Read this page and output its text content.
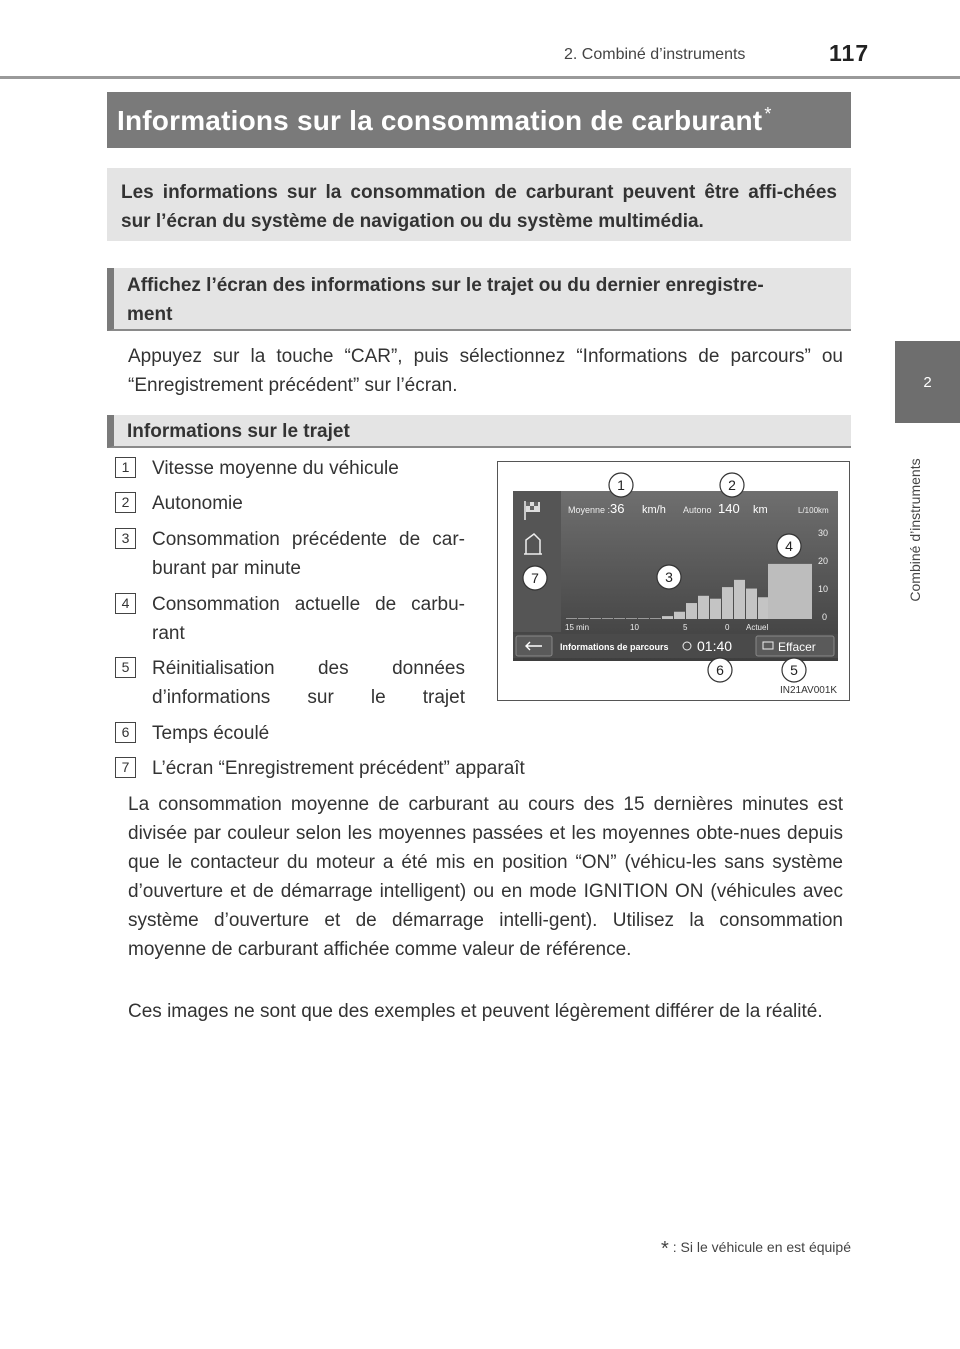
2. Combiné d’instruments	117
2
Combiné d’instruments
Informations sur la consommation de carburant *

Les informations sur la consommation de carburant peuvent être affi-chées sur l’écran du système de navigation ou du système multimédia.

Affichez l’écran des informations sur le trajet ou du dernier enregistre-
ment

Appuyez sur la touche “CAR”, puis sélectionnez “Informations de parcours” ou “Enregistrement précédent” sur l’écran.

Informations sur le trajet

1	Vitesse moyenne du véhicule

2	Autonomie

3	Consommation précédente de car-burant par minute

4	Consommation actuelle de carbu-rant

5	Réinitialisation des données d’informations sur le trajet

6	Temps écoulé

7	L’écran “Enregistrement précédent” apparaît

Moyenne : 36 km/h Autono 140 km	L/100km
30
20
10
0
15 min	10	5	0 Actuel
Informations de parcours 01:40	Effacer
1	2
3
4
5
6
7
IN21AV001K

La consommation moyenne de carburant au cours des 15 dernières minutes est divisée par couleur selon les moyennes passées et les moyennes obte-nues depuis que le contacteur du moteur a été mis en position “ON” (véhicu-les sans système d’ouverture et de démarrage intelligent) ou en mode IGNITION ON (véhicules avec système d’ouverture et de démarrage intelli-gent). Utilisez la consommation moyenne de carburant affichée comme valeur de référence.

Ces images ne sont que des exemples et peuvent légèrement différer de la réalité.

* : Si le véhicule en est équipé
